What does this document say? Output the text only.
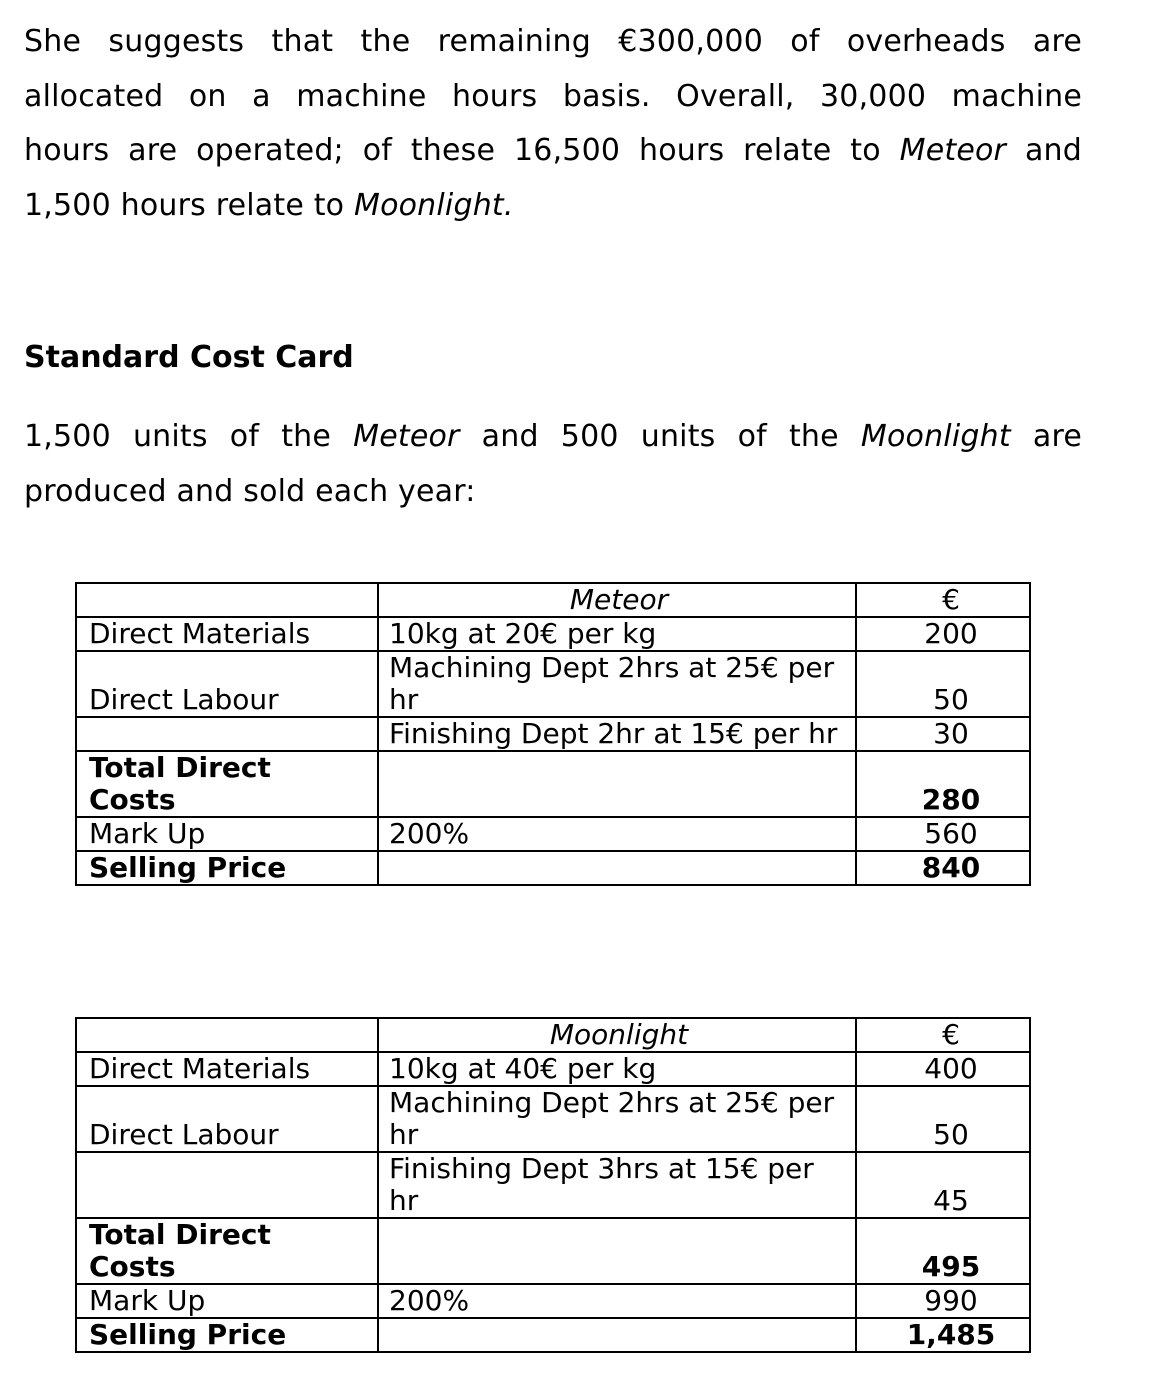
She suggests that the remaining €300,000 of overheads are
allocated on a machine hours basis. Overall, 30,000 machine
hours are operated; of these 16,500 hours relate to Meteor and
1,500 hours relate to Moonlight.
Standard Cost Card
1,500 units of the Meteor and 500 units of the Moonlight are
produced and sold each year:
	Meteor	€
Direct Materials	10kg at 20€ per kg	200
Direct Labour	Machining Dept 2hrs at 25€ per
hr	50
	Finishing Dept 2hr at 15€ per hr	30
Total Direct
Costs		280
Mark Up	200%	560
Selling Price		840
	Moonlight	€
Direct Materials	10kg at 40€ per kg	400
Direct Labour	Machining Dept 2hrs at 25€ per
hr	50
	Finishing Dept 3hrs at 15€ per
hr	45
Total Direct
Costs		495
Mark Up	200%	990
Selling Price		1,485
